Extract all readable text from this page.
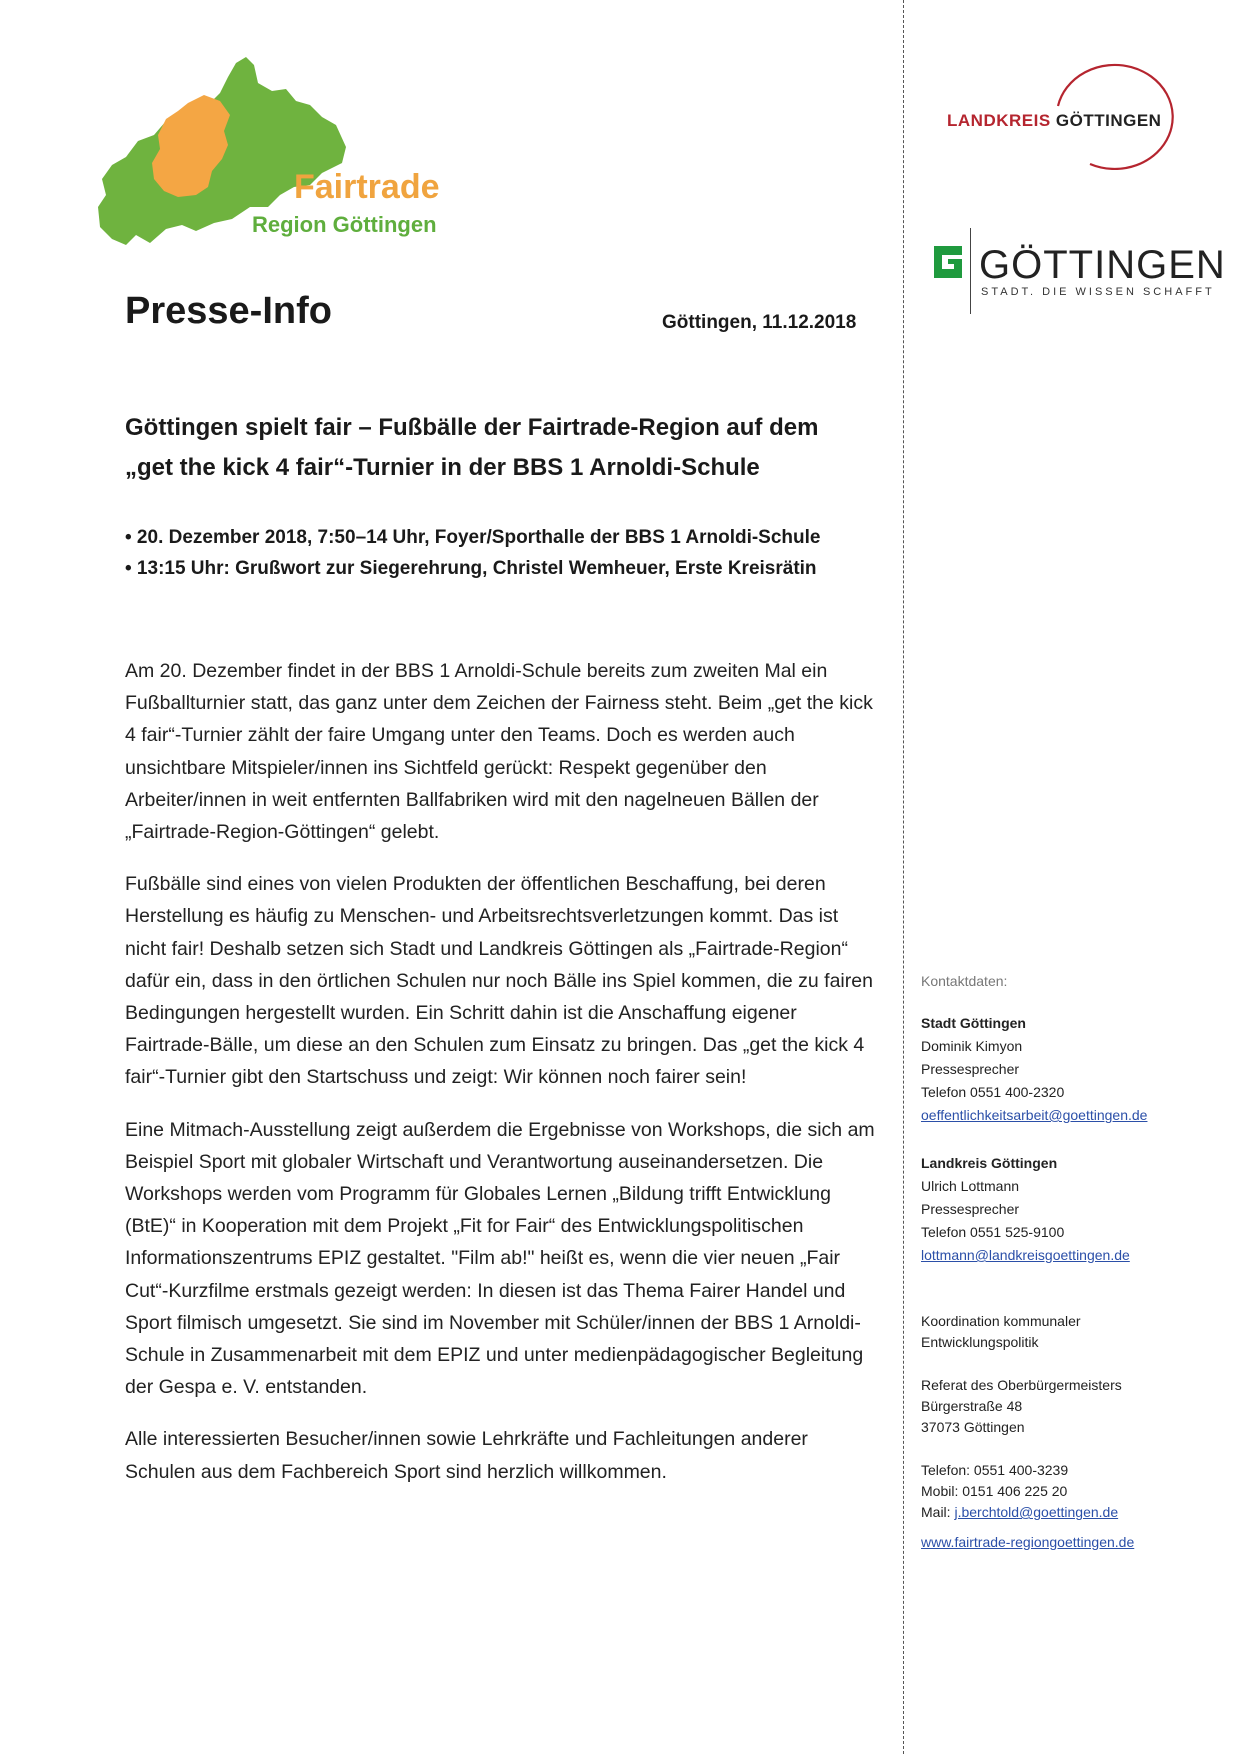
Fairtrade
Region Göttingen
LANDKREIS GÖTTINGEN
GÖTTINGEN
STADT. DIE WISSEN SCHAFFT
Presse-Info	Göttingen, 11.12.2018
Göttingen spielt fair – Fußbälle der Fairtrade-Region auf dem
„get the kick 4 fair“-Turnier in der BBS 1 Arnoldi-Schule
• 20. Dezember 2018, 7:50–14 Uhr, Foyer/Sporthalle der BBS 1 Arnoldi-Schule
• 13:15 Uhr: Grußwort zur Siegerehrung, Christel Wemheuer, Erste Kreisrätin

Am 20. Dezember findet in der BBS 1 Arnoldi-Schule bereits zum zweiten Mal ein Fußballturnier statt, das ganz unter dem Zeichen der Fairness steht. Beim „get the kick 4 fair“-Turnier zählt der faire Umgang unter den Teams. Doch es werden auch unsichtbare Mitspieler/innen ins Sichtfeld gerückt: Respekt gegenüber den Arbeiter/innen in weit entfernten Ballfabriken wird mit den nagelneuen Bällen der „Fairtrade-Region-Göttingen“ gelebt.

Fußbälle sind eines von vielen Produkten der öffentlichen Beschaffung, bei deren Herstellung es häufig zu Menschen- und Arbeitsrechtsverletzungen kommt. Das ist nicht fair! Deshalb setzen sich Stadt und Landkreis Göttingen als „Fairtrade-Region“ dafür ein, dass in den örtlichen Schulen nur noch Bälle ins Spiel kommen, die zu fairen Bedingungen hergestellt wurden. Ein Schritt dahin ist die Anschaffung eigener Fairtrade-Bälle, um diese an den Schulen zum Einsatz zu bringen. Das „get the kick 4 fair“-Turnier gibt den Startschuss und zeigt: Wir können noch fairer sein!

Eine Mitmach-Ausstellung zeigt außerdem die Ergebnisse von Workshops, die sich am Beispiel Sport mit globaler Wirtschaft und Verantwortung auseinandersetzen. Die Workshops werden vom Programm für Globales Lernen „Bildung trifft Entwicklung (BtE)“ in Kooperation mit dem Projekt „Fit for Fair“ des Entwicklungspolitischen Informationszentrums EPIZ gestaltet. "Film ab!" heißt es, wenn die vier neuen „Fair Cut“-Kurzfilme erstmals gezeigt werden: In diesen ist das Thema Fairer Handel und Sport filmisch umgesetzt. Sie sind im November mit Schüler/innen der BBS 1 Arnoldi-Schule in Zusammenarbeit mit dem EPIZ und unter medienpädagogischer Begleitung der Gespa e. V. entstanden.

Alle interessierten Besucher/innen sowie Lehrkräfte und Fachleitungen anderer Schulen aus dem Fachbereich Sport sind herzlich willkommen.

Kontaktdaten:
Stadt Göttingen
Dominik Kimyon
Pressesprecher
Telefon 0551 400-2320
oeffentlichkeitsarbeit@goettingen.de
Landkreis Göttingen
Ulrich Lottmann
Pressesprecher
Telefon 0551 525-9100
lottmann@landkreisgoettingen.de
Koordination kommunaler
Entwicklungspolitik
Referat des Oberbürgermeisters
Bürgerstraße 48
37073 Göttingen
Telefon: 0551 400-3239
Mobil: 0151 406 225 20
Mail: j.berchtold@goettingen.de
www.fairtrade-regiongoettingen.de
